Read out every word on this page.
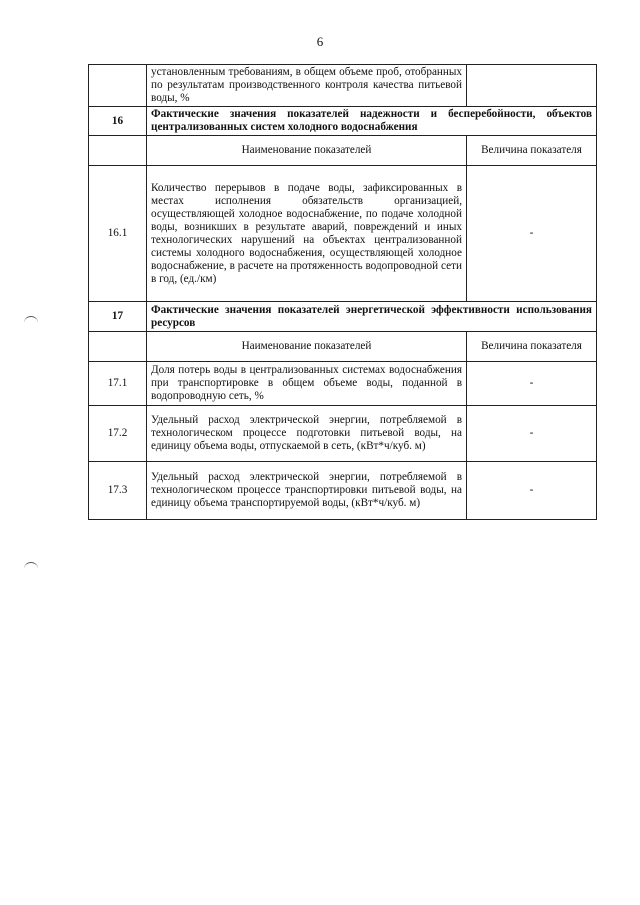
6
	установленным требованиям, в общем объеме проб, отобранных по результатам производственного контроля качества питьевой воды, %	
16	Фактические значения показателей надежности и бесперебойности, объектов централизованных систем холодного водоснабжения	
	Наименование показателей	Величина показателя
16.1	Количество перерывов в подаче воды, зафиксированных в местах исполнения обязательств организацией, осуществляющей холодное водоснабжение, по подаче холодной воды, возникших в результате аварий, повреждений и иных технологических нарушений на объектах централизованной системы холодного водоснабжения, осуществляющей холодное водоснабжение, в расчете на протяженность водопроводной сети в год, (ед./км)	-
17	Фактические значения показателей энергетической эффективности использования ресурсов	
	Наименование показателей	Величина показателя
17.1	Доля потерь воды в централизованных системах водоснабжения при транспортировке в общем объеме воды, поданной в водопроводную сеть, %	-
17.2	Удельный расход электрической энергии, потребляемой в технологическом процессе подготовки питьевой воды, на единицу объема воды, отпускаемой в сеть, (кВт*ч/куб. м)	-
17.3	Удельный расход электрической энергии, потребляемой в технологическом процессе транспортировки питьевой воды, на единицу объема транспортируемой воды, (кВт*ч/куб. м)	-
